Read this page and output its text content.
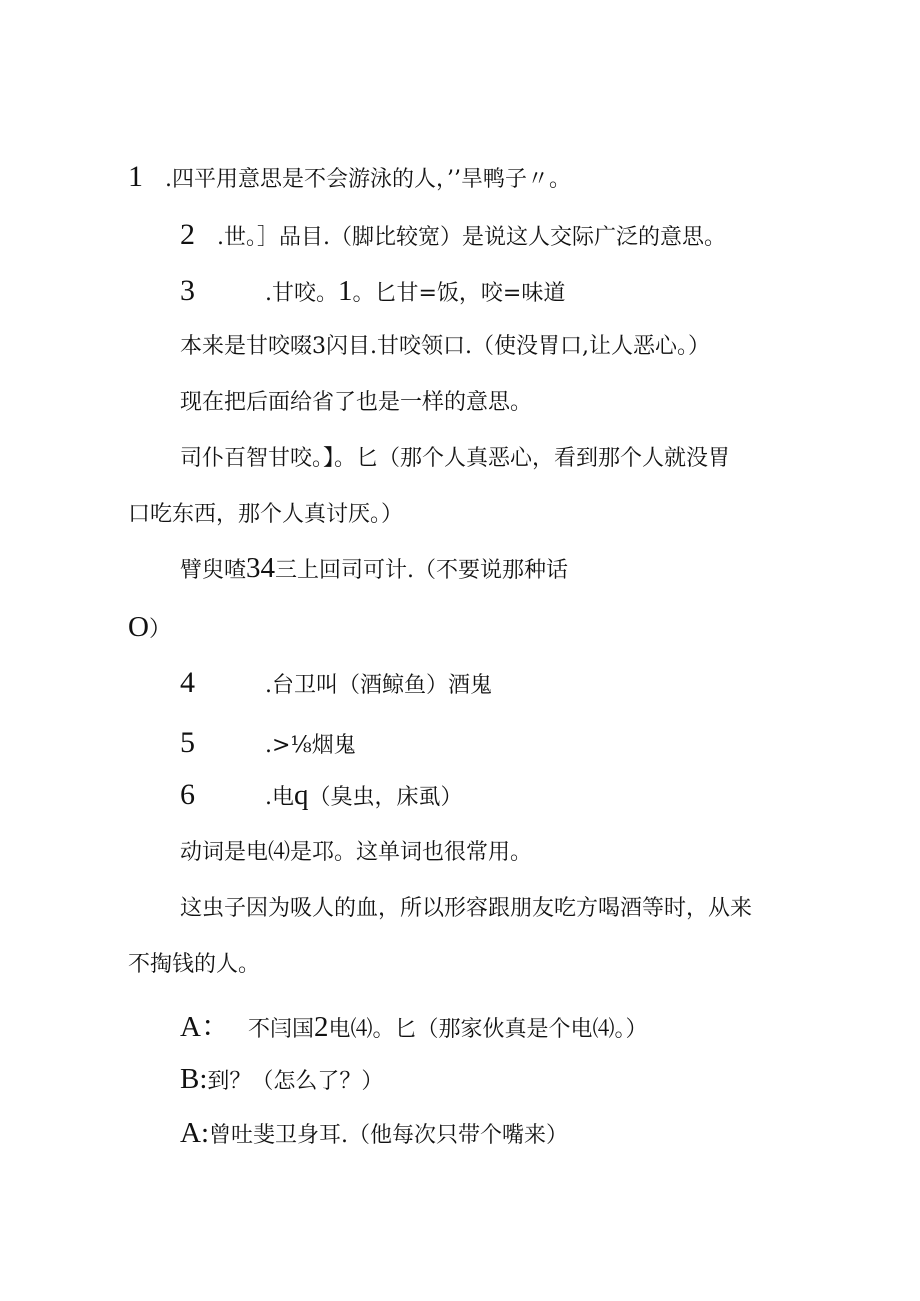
1 .四平用意思是不会游泳的人，’’旱鸭子〃。
2 .世。］品目.（脚比较宽）是说这人交际广泛的意思。
3	.甘咬。1。匕甘=饭，咬=味道
本来是甘咬啜3闪目.甘咬领口.（使没胃口,让人恶心。）
现在把后面给省了也是一样的意思。
司仆百智甘咬。】。匕（那个人真恶心，看到那个人就没胃
口吃东西，那个人真讨厌。）
臂臾喳34三上回司可计.（不要说那种话
O）
4	.台卫叫（酒鲸鱼）酒鬼
5	.>⅛烟鬼
6	.电q（臭虫，床虱）
动词是电⑷是邛。这单词也很常用。
这虫子因为吸人的血，所以形容跟朋友吃方喝酒等时，从来
不掏钱的人。
A： 不闫国2电⑷。匕（那家伙真是个电⑷。）
B:到？（怎么了？）
A:曾吐斐卫身耳.（他每次只带个嘴来）
